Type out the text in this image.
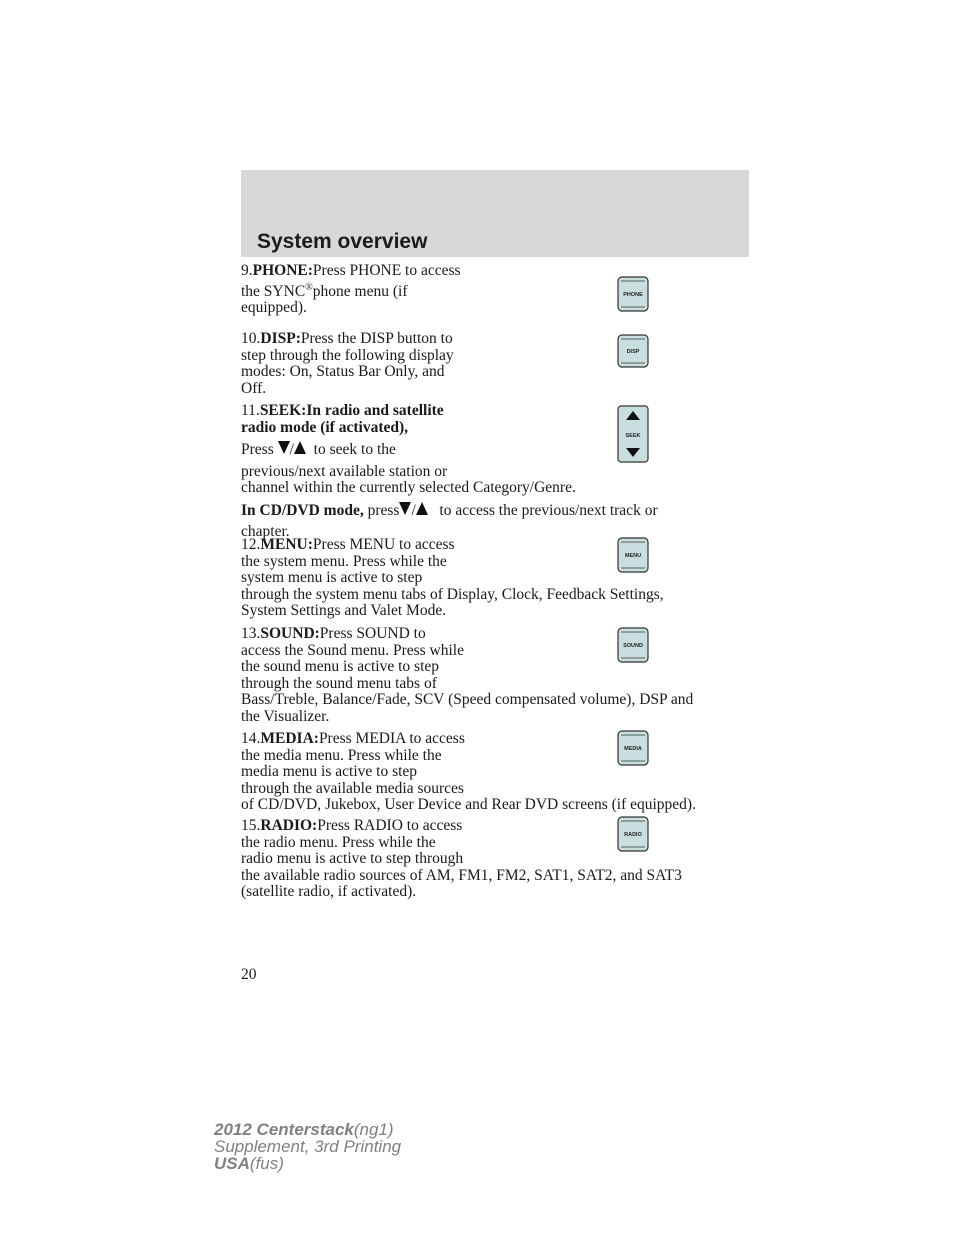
System overview

9.PHONE:Press PHONE to access

the SYNC®phone menu (if

equipped).

PHONE

10.DISP:Press the DISP button to

step through the following display

modes: On, Status Bar Only, and

Off.

DISP

11.SEEK:In radio and satellite

radio mode (if activated),

Press / to seek to the

previous/next available station or

channel within the currently selected Category/Genre.

In CD/DVD mode, press / to access the previous/next track or

chapter.

SEEK

12.MENU:Press MENU to access

the system menu. Press while the

system menu is active to step

through the system menu tabs of Display, Clock, Feedback Settings,

System Settings and Valet Mode.

MENU

13.SOUND:Press SOUND to

access the Sound menu. Press while

the sound menu is active to step

through the sound menu tabs of

Bass/Treble, Balance/Fade, SCV (Speed compensated volume), DSP and

the Visualizer.

SOUND

14.MEDIA:Press MEDIA to access

the media menu. Press while the

media menu is active to step

through the available media sources

of CD/DVD, Jukebox, User Device and Rear DVD screens (if equipped).

MEDIA

15.RADIO:Press RADIO to access

the radio menu. Press while the

radio menu is active to step through

the available radio sources of AM, FM1, FM2, SAT1, SAT2, and SAT3

(satellite radio, if activated).

RADIO
20
2012 Centerstack(ng1)
Supplement, 3rd Printing
USA(fus)
